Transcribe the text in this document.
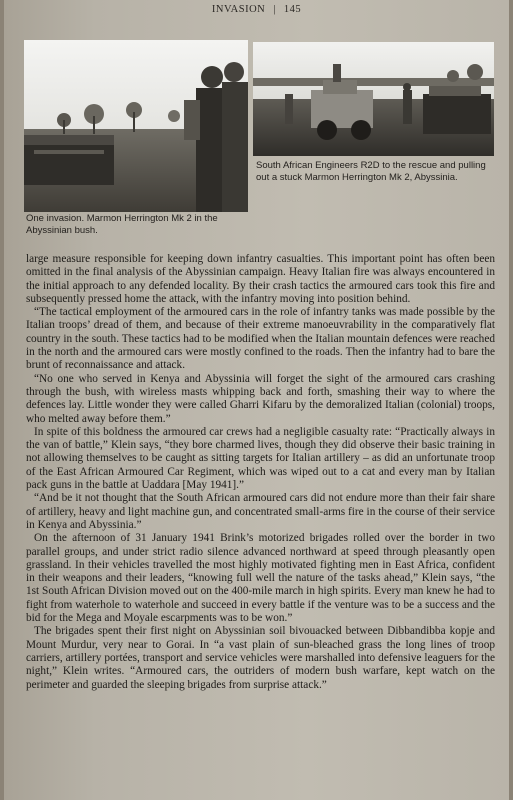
INVASION | 145
One invasion. Marmon Herrington Mk 2 in the Abyssinian bush.
South African Engineers R2D to the rescue and pulling out a stuck Marmon Herrington Mk 2, Abyssinia.

large measure responsible for keeping down infantry casualties. This important point has often been omitted in the final analysis of the Abyssinian campaign. Heavy Italian fire was always encountered in the initial approach to any defended locality. By their crash tactics the armoured cars took this fire and subsequently pressed home the attack, with the infantry moving into position behind.

“The tactical employment of the armoured cars in the role of infantry tanks was made possible by the Italian troops’ dread of them, and because of their extreme manoeuvrability in the comparatively flat country in the south. These tactics had to be modified when the Italian mountain defences were reached in the north and the armoured cars were mostly confined to the roads. Then the infantry had to bare the brunt of reconnaissance and attack.

“No one who served in Kenya and Abyssinia will forget the sight of the armoured cars crashing through the bush, with wireless masts whipping back and forth, smashing their way to where the defences lay. Little wonder they were called Gharri Kifaru by the demoralized Italian (colonial) troops, who melted away before them.”

In spite of this boldness the armoured car crews had a negligible casualty rate: “Practically always in the van of battle,” Klein says, “they bore charmed lives, though they did observe their basic training in not allowing themselves to be caught as sitting targets for Italian artillery – as did an unfortunate troop of the East African Armoured Car Regiment, which was wiped out to a cat and every man by Italian pack guns in the battle at Uaddara [May 1941].”

“And be it not thought that the South African armoured cars did not endure more than their fair share of artillery, heavy and light machine gun, and concentrated small-arms fire in the course of their service in Kenya and Abyssinia.”

On the afternoon of 31 January 1941 Brink’s motorized brigades rolled over the border in two parallel groups, and under strict radio silence advanced northward at speed through pleasantly open grassland. In their vehicles travelled the most highly motivated fighting men in East Africa, confident in their weapons and their leaders, “knowing full well the nature of the tasks ahead,” Klein says, “the 1st South African Division moved out on the 400-mile march in high spirits. Every man knew he had to fight from waterhole to waterhole and succeed in every battle if the venture was to be a success and the bid for the Mega and Moyale escarpments was to be won.”

The brigades spent their first night on Abyssinian soil bivouacked between Dibbandibba kopje and Mount Murdur, very near to Gorai. In “a vast plain of sun-bleached grass the long lines of troop carriers, artillery portées, transport and service vehicles were marshalled into defensive leaguers for the night,” Klein writes. “Armoured cars, the outriders of modern bush warfare, kept watch on the perimeter and guarded the sleeping brigades from surprise attack.”
